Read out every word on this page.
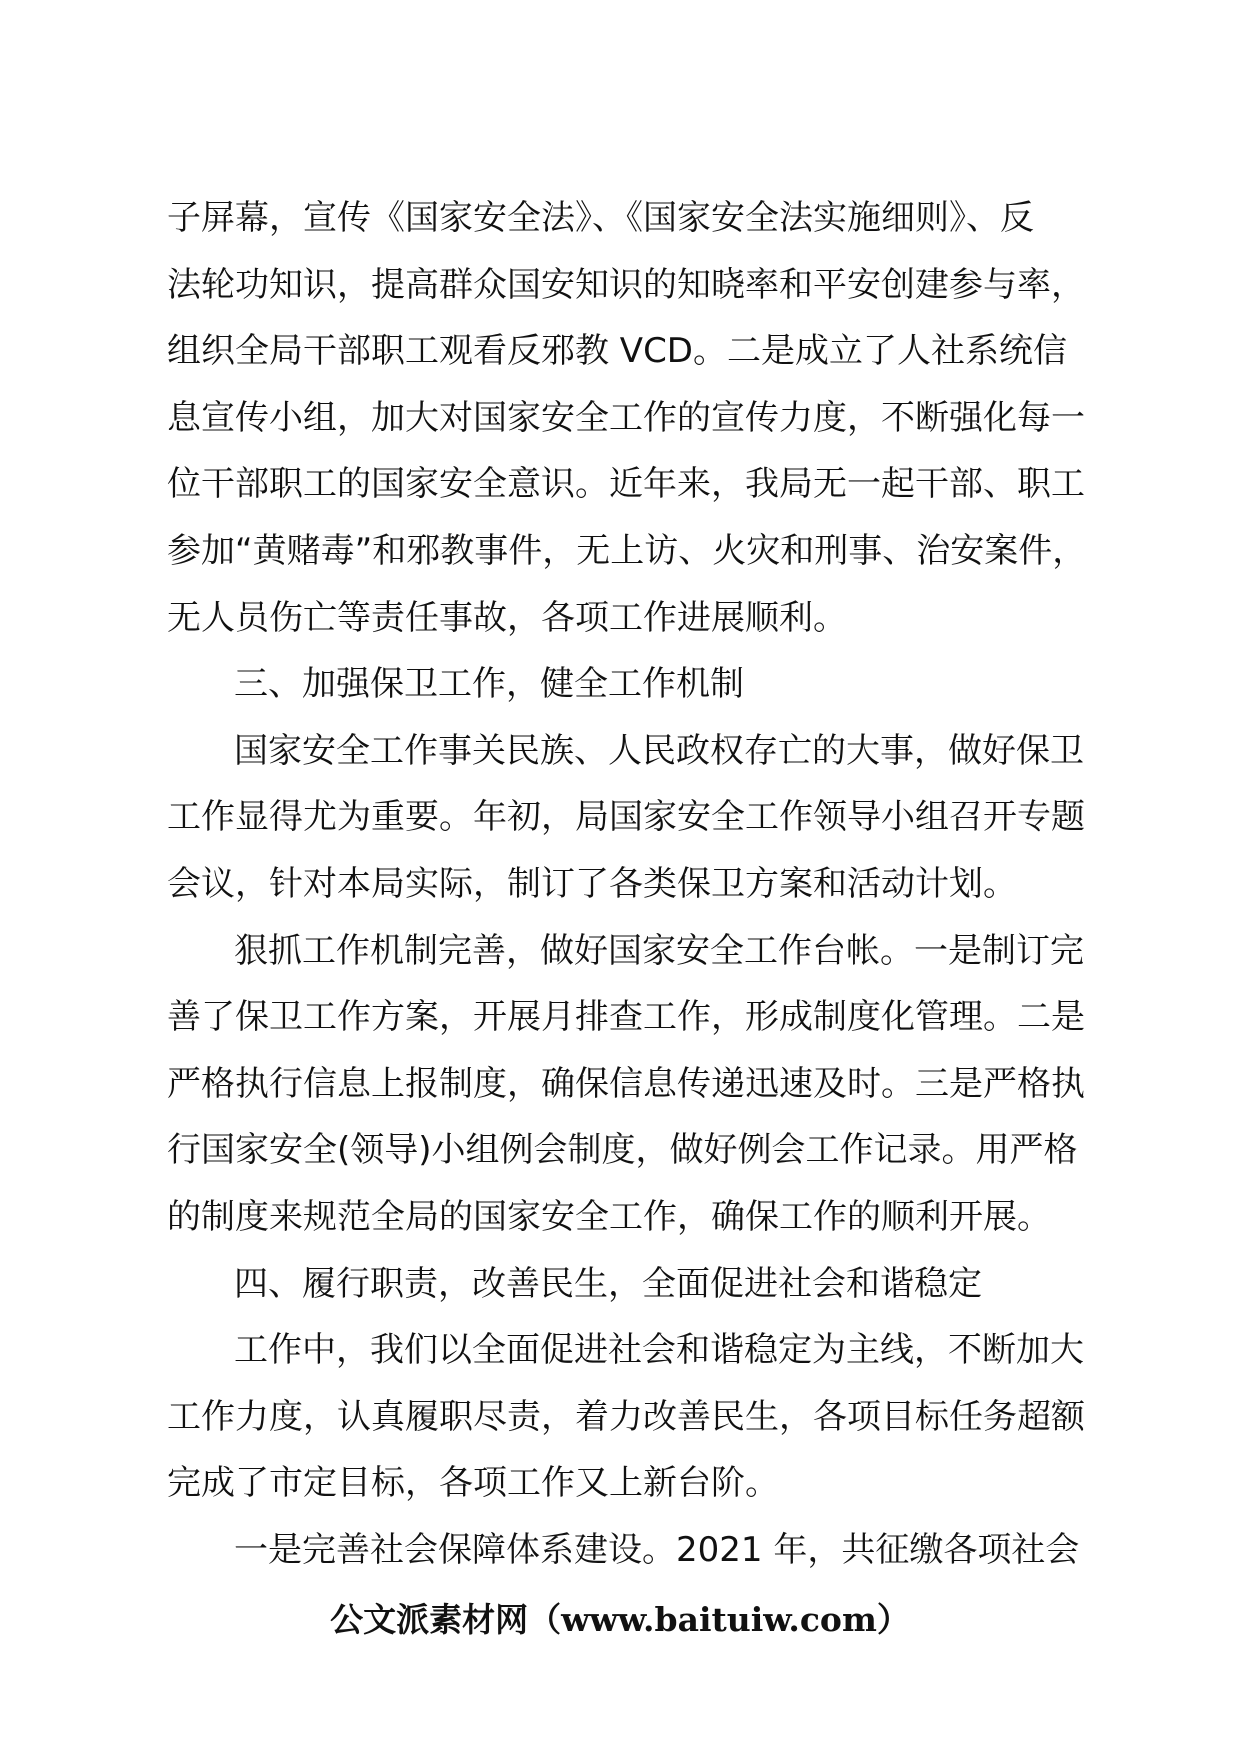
子屏幕，宣传《国家安全法》、《国家安全法实施细则》、反
法轮功知识，提高群众国安知识的知晓率和平安创建参与率，
组织全局干部职工观看反邪教 VCD。二是成立了人社系统信
息宣传小组，加大对国家安全工作的宣传力度，不断强化每一
位干部职工的国家安全意识。近年来，我局无一起干部、职工
参加“黄赌毒”和邪教事件，无上访、火灾和刑事、治安案件，
无人员伤亡等责任事故，各项工作进展顺利。
三、加强保卫工作，健全工作机制
国家安全工作事关民族、人民政权存亡的大事，做好保卫
工作显得尤为重要。年初，局国家安全工作领导小组召开专题
会议，针对本局实际，制订了各类保卫方案和活动计划。
狠抓工作机制完善，做好国家安全工作台帐。一是制订完
善了保卫工作方案，开展月排查工作，形成制度化管理。二是
严格执行信息上报制度，确保信息传递迅速及时。三是严格执
行国家安全(领导)小组例会制度，做好例会工作记录。用严格
的制度来规范全局的国家安全工作，确保工作的顺利开展。
四、履行职责，改善民生，全面促进社会和谐稳定
工作中，我们以全面促进社会和谐稳定为主线，不断加大
工作力度，认真履职尽责，着力改善民生，各项目标任务超额
完成了市定目标，各项工作又上新台阶。
一是完善社会保障体系建设。2021 年，共征缴各项社会
公文派素材网（www.baituiw.com）
